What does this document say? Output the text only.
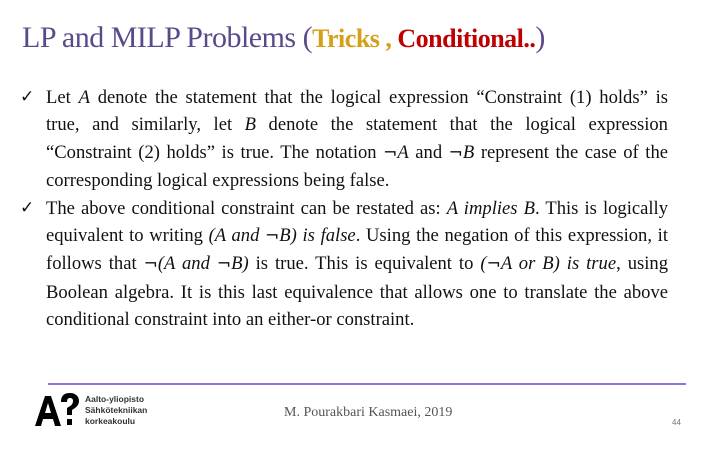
LP and MILP Problems (Tricks , Conditional..)
✓ Let A denote the statement that the logical expression “Constraint (1) holds” is true, and similarly, let B denote the statement that the logical expression “Constraint (2) holds” is true. The notation ¬A and ¬B represent the case of the corresponding logical expressions being false.
✓ The above conditional constraint can be restated as: A implies B. This is logically equivalent to writing (A and ¬B) is false. Using the negation of this expression, it follows that ¬(A and ¬B) is true. This is equivalent to (¬A or B) is true, using Boolean algebra. It is this last equivalence that allows one to translate the above conditional constraint into an either-or constraint.
Aalto-yliopisto
Sähkötekniikan
korkeakoulu
M. Pourakbari Kasmaei, 2019
44
